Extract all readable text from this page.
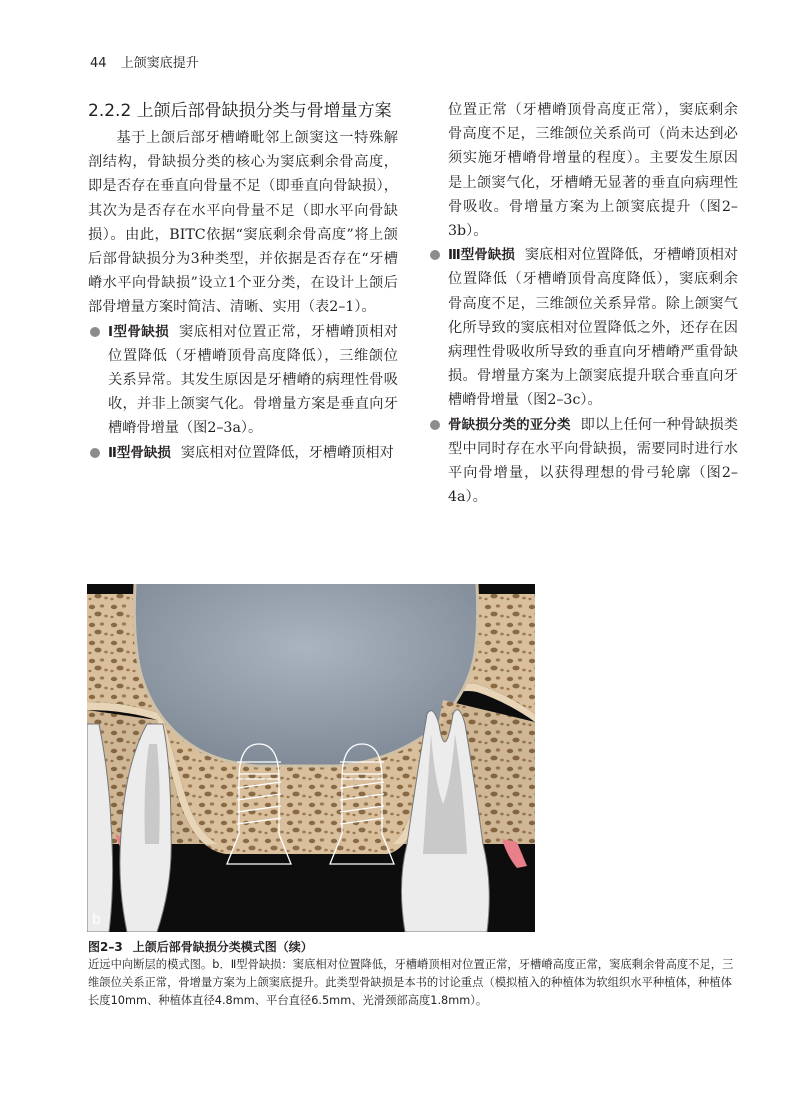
44 上颌窦底提升
2.2.2 上颌后部骨缺损分类与骨增量方案

基于上颌后部牙槽嵴毗邻上颌窦这一特殊解剖结构，骨缺损分类的核心为窦底剩余骨高度，即是否存在垂直向骨量不足（即垂直向骨缺损），其次为是否存在水平向骨量不足（即水平向骨缺损）。由此，BITC依据“窦底剩余骨高度”将上颌后部骨缺损分为3种类型，并依据是否存在“牙槽嵴水平向骨缺损”设立1个亚分类，在设计上颌后部骨增量方案时简洁、清晰、实用（表2–1）。

Ⅰ型骨缺损 窦底相对位置正常，牙槽嵴顶相对位置降低（牙槽嵴顶骨高度降低），三维颌位关系异常。其发生原因是牙槽嵴的病理性骨吸收，并非上颌窦气化。骨增量方案是垂直向牙槽嵴骨增量（图2–3a）。

Ⅱ型骨缺损 窦底相对位置降低，牙槽嵴顶相对

位置正常（牙槽嵴顶骨高度正常），窦底剩余骨高度不足，三维颌位关系尚可（尚未达到必须实施牙槽嵴骨增量的程度）。主要发生原因是上颌窦气化，牙槽嵴无显著的垂直向病理性骨吸收。骨增量方案为上颌窦底提升（图2–3b）。

Ⅲ型骨缺损 窦底相对位置降低，牙槽嵴顶相对位置降低（牙槽嵴顶骨高度降低），窦底剩余骨高度不足，三维颌位关系异常。除上颌窦气化所导致的窦底相对位置降低之外，还存在因病理性骨吸收所导致的垂直向牙槽嵴严重骨缺损。骨增量方案为上颌窦底提升联合垂直向牙槽嵴骨增量（图2–3c）。

骨缺损分类的亚分类 即以上任何一种骨缺损类型中同时存在水平向骨缺损，需要同时进行水平向骨增量，以获得理想的骨弓轮廓（图2–4a）。

b
图2–3 上颌后部骨缺损分类模式图（续）
近远中向断层的模式图。b．Ⅱ型骨缺损：窦底相对位置降低，牙槽嵴顶相对位置正常，牙槽嵴高度正常，窦底剩余骨高度不足，三维颌位关系正常，骨增量方案为上颌窦底提升。此类型骨缺损是本书的讨论重点（模拟植入的种植体为软组织水平种植体，种植体长度10mm、种植体直径4.8mm、平台直径6.5mm、光滑颈部高度1.8mm）。
